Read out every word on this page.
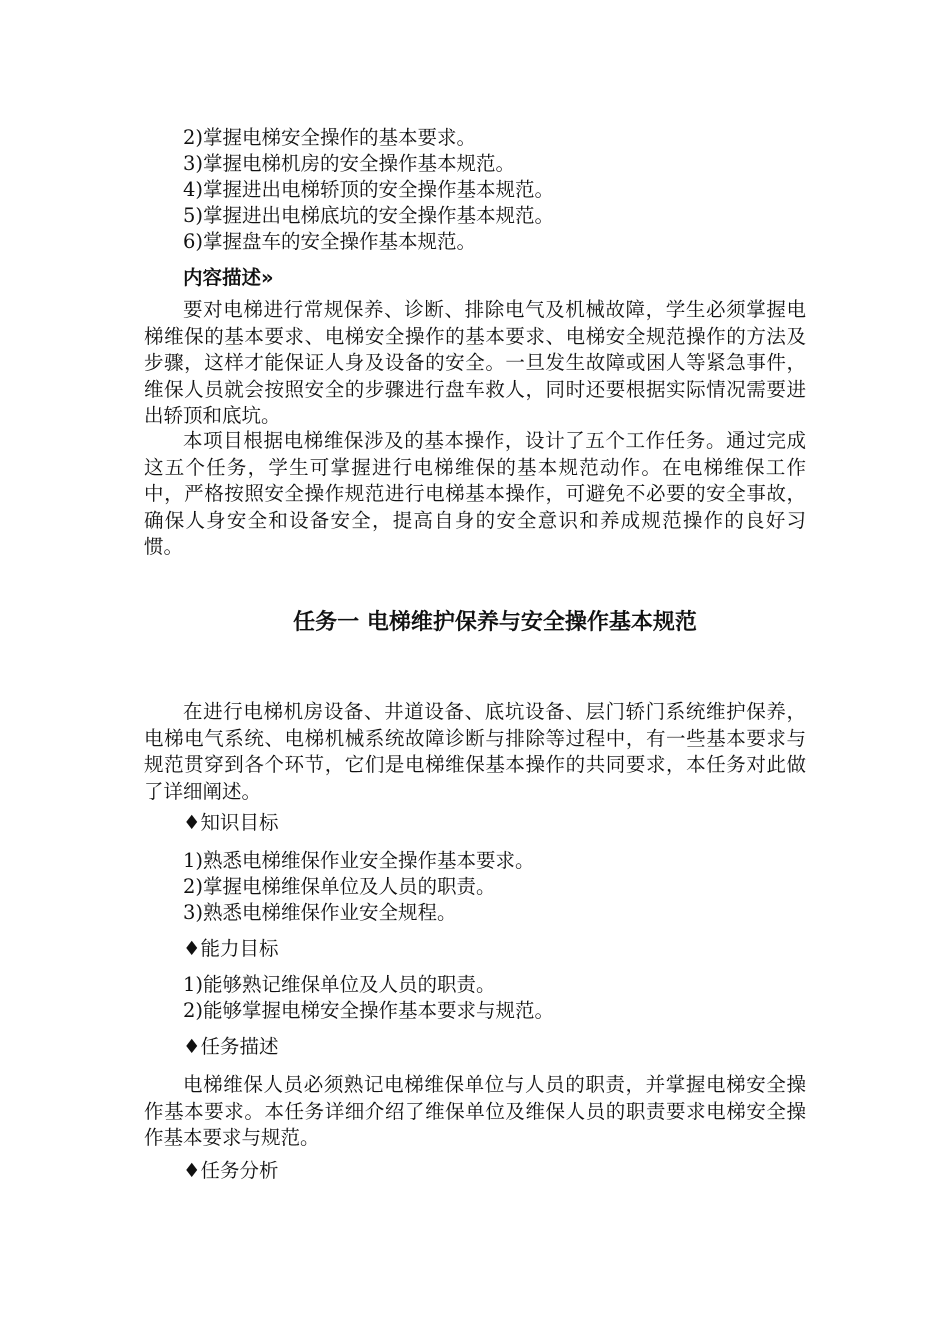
2)掌握电梯安全操作的基本要求。
3)掌握电梯机房的安全操作基本规范。
4)掌握进出电梯轿顶的安全操作基本规范。
5)掌握进出电梯底坑的安全操作基本规范。
6)掌握盘车的安全操作基本规范。
内容描述»
要对电梯进行常规保养、诊断、排除电气及机械故障，学生必须掌握电梯维保的基本要求、电梯安全操作的基本要求、电梯安全规范操作的方法及步骤，这样才能保证人身及设备的安全。一旦发生故障或困人等紧急事件，维保人员就会按照安全的步骤进行盘车救人，同时还要根据实际情况需要进出轿顶和底坑。
本项目根据电梯维保涉及的基本操作，设计了五个工作任务。通过完成这五个任务，学生可掌握进行电梯维保的基本规范动作。在电梯维保工作中，严格按照安全操作规范进行电梯基本操作，可避免不必要的安全事故，确保人身安全和设备安全，提高自身的安全意识和养成规范操作的良好习惯。
任务一 电梯维护保养与安全操作基本规范
在进行电梯机房设备、井道设备、底坑设备、层门轿门系统维护保养，电梯电气系统、电梯机械系统故障诊断与排除等过程中，有一些基本要求与规范贯穿到各个环节，它们是电梯维保基本操作的共同要求，本任务对此做了详细阐述。
♦知识目标
1)熟悉电梯维保作业安全操作基本要求。
2)掌握电梯维保单位及人员的职责。
3)熟悉电梯维保作业安全规程。
♦能力目标
1)能够熟记维保单位及人员的职责。
2)能够掌握电梯安全操作基本要求与规范。
♦任务描述
电梯维保人员必须熟记电梯维保单位与人员的职责，并掌握电梯安全操作基本要求。本任务详细介绍了维保单位及维保人员的职责要求电梯安全操作基本要求与规范。
♦任务分析
